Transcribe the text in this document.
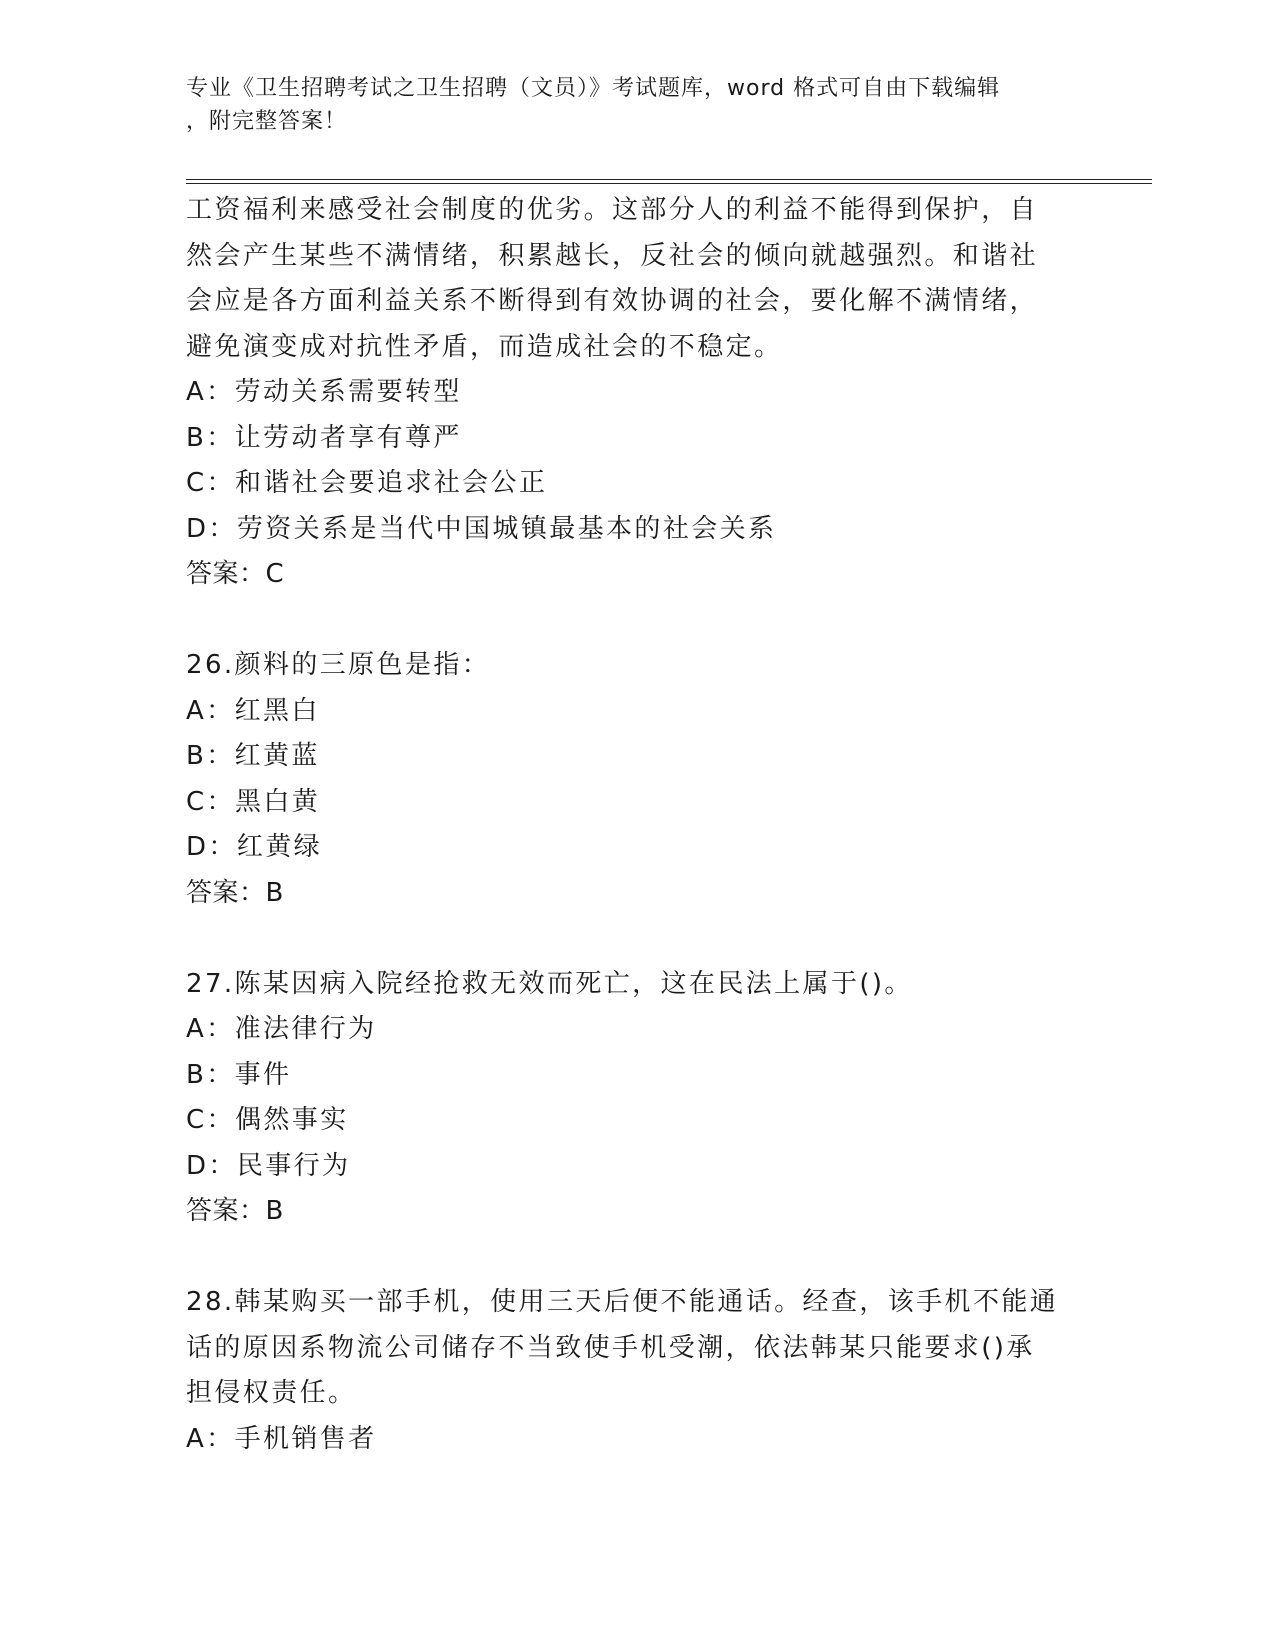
专业《卫生招聘考试之卫生招聘（文员）》考试题库，word 格式可自由下载编辑
，附完整答案！
工资福利来感受社会制度的优劣。这部分人的利益不能得到保护，自
然会产生某些不满情绪，积累越长，反社会的倾向就越强烈。和谐社
会应是各方面利益关系不断得到有效协调的社会，要化解不满情绪，
避免演变成对抗性矛盾，而造成社会的不稳定。
A：劳动关系需要转型
B：让劳动者享有尊严
C：和谐社会要追求社会公正
D：劳资关系是当代中国城镇最基本的社会关系
答案：C
26.颜料的三原色是指：
A：红黑白
B：红黄蓝
C：黑白黄
D：红黄绿
答案：B
27.陈某因病入院经抢救无效而死亡，这在民法上属于()。
A：准法律行为
B：事件
C：偶然事实
D：民事行为
答案：B
28.韩某购买一部手机，使用三天后便不能通话。经查，该手机不能通
话的原因系物流公司储存不当致使手机受潮，依法韩某只能要求()承
担侵权责任。
A：手机销售者
